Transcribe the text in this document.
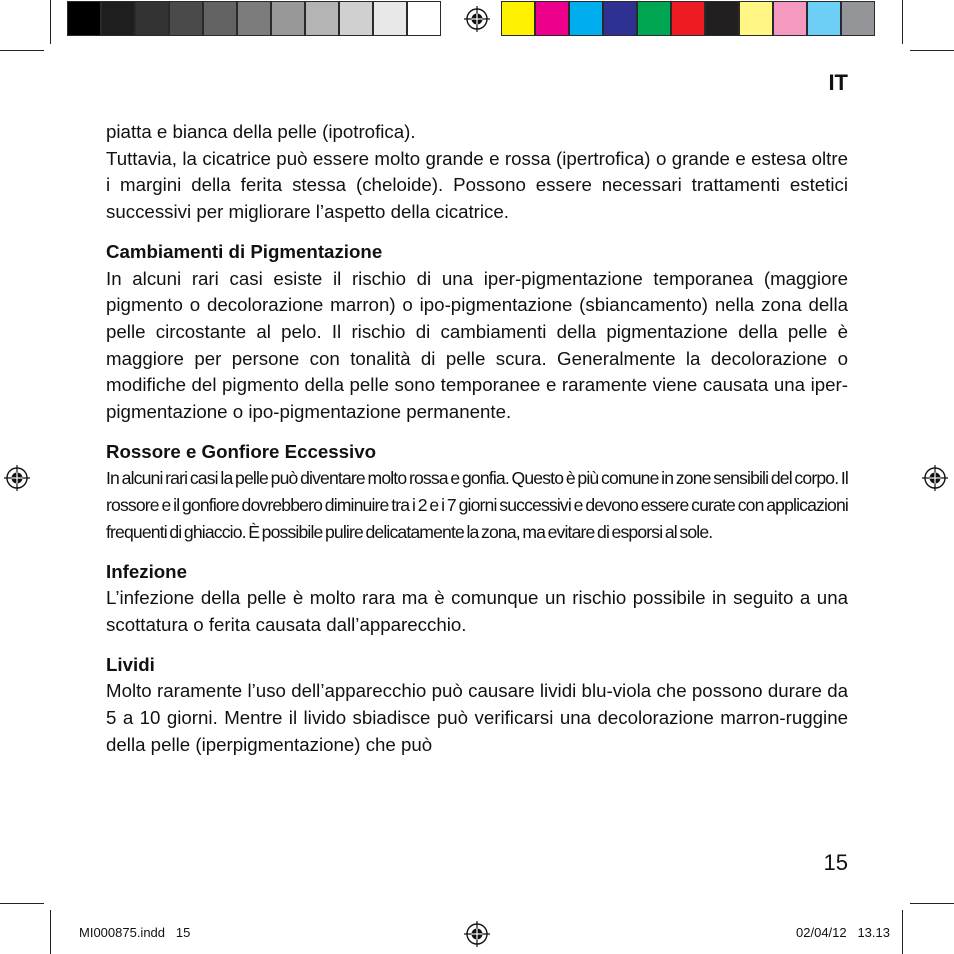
IT

piatta e bianca della pelle (ipotrofica).

Tuttavia, la cicatrice può essere molto grande e rossa (ipertrofica) o grande e estesa oltre i margini della ferita stessa (cheloide). Possono essere necessari trattamenti estetici successivi per migliorare l’aspetto della cicatrice.

Cambiamenti di Pigmentazione

In alcuni rari casi esiste il rischio di una iper-pigmentazione temporanea (maggiore pigmento o decolorazione marron) o ipo-pigmentazione (sbiancamento) nella zona della pelle circostante al pelo. Il rischio di cambiamenti della pigmentazione della pelle è maggiore per persone con tonalità di pelle scura. Generalmente la decolorazione o modifiche del pigmento della pelle sono temporanee e raramente viene causata una iper-pigmentazione o ipo-pigmentazione permanente.

Rossore e Gonfiore Eccessivo

In alcuni rari casi la pelle può diventare molto rossa e gonfia. Questo è più comune in zone sensibili del corpo. Il rossore e il gonfiore dovrebbero diminuire tra i 2 e i 7 giorni successivi e devono essere curate con applicazioni frequenti di ghiaccio. È possibile pulire delicatamente la zona, ma evitare di esporsi al sole.

Infezione

L’infezione della pelle è molto rara ma è comunque un rischio possibile in seguito a una scottatura o ferita causata dall’apparecchio.

Lividi

Molto raramente l’uso dell’apparecchio può causare lividi blu-viola che possono durare da 5 a 10 giorni. Mentre il livido sbiadisce può verificarsi una decolorazione marron-ruggine della pelle (iperpigmentazione) che può

15
MI000875.indd   15	02/04/12   13.13
